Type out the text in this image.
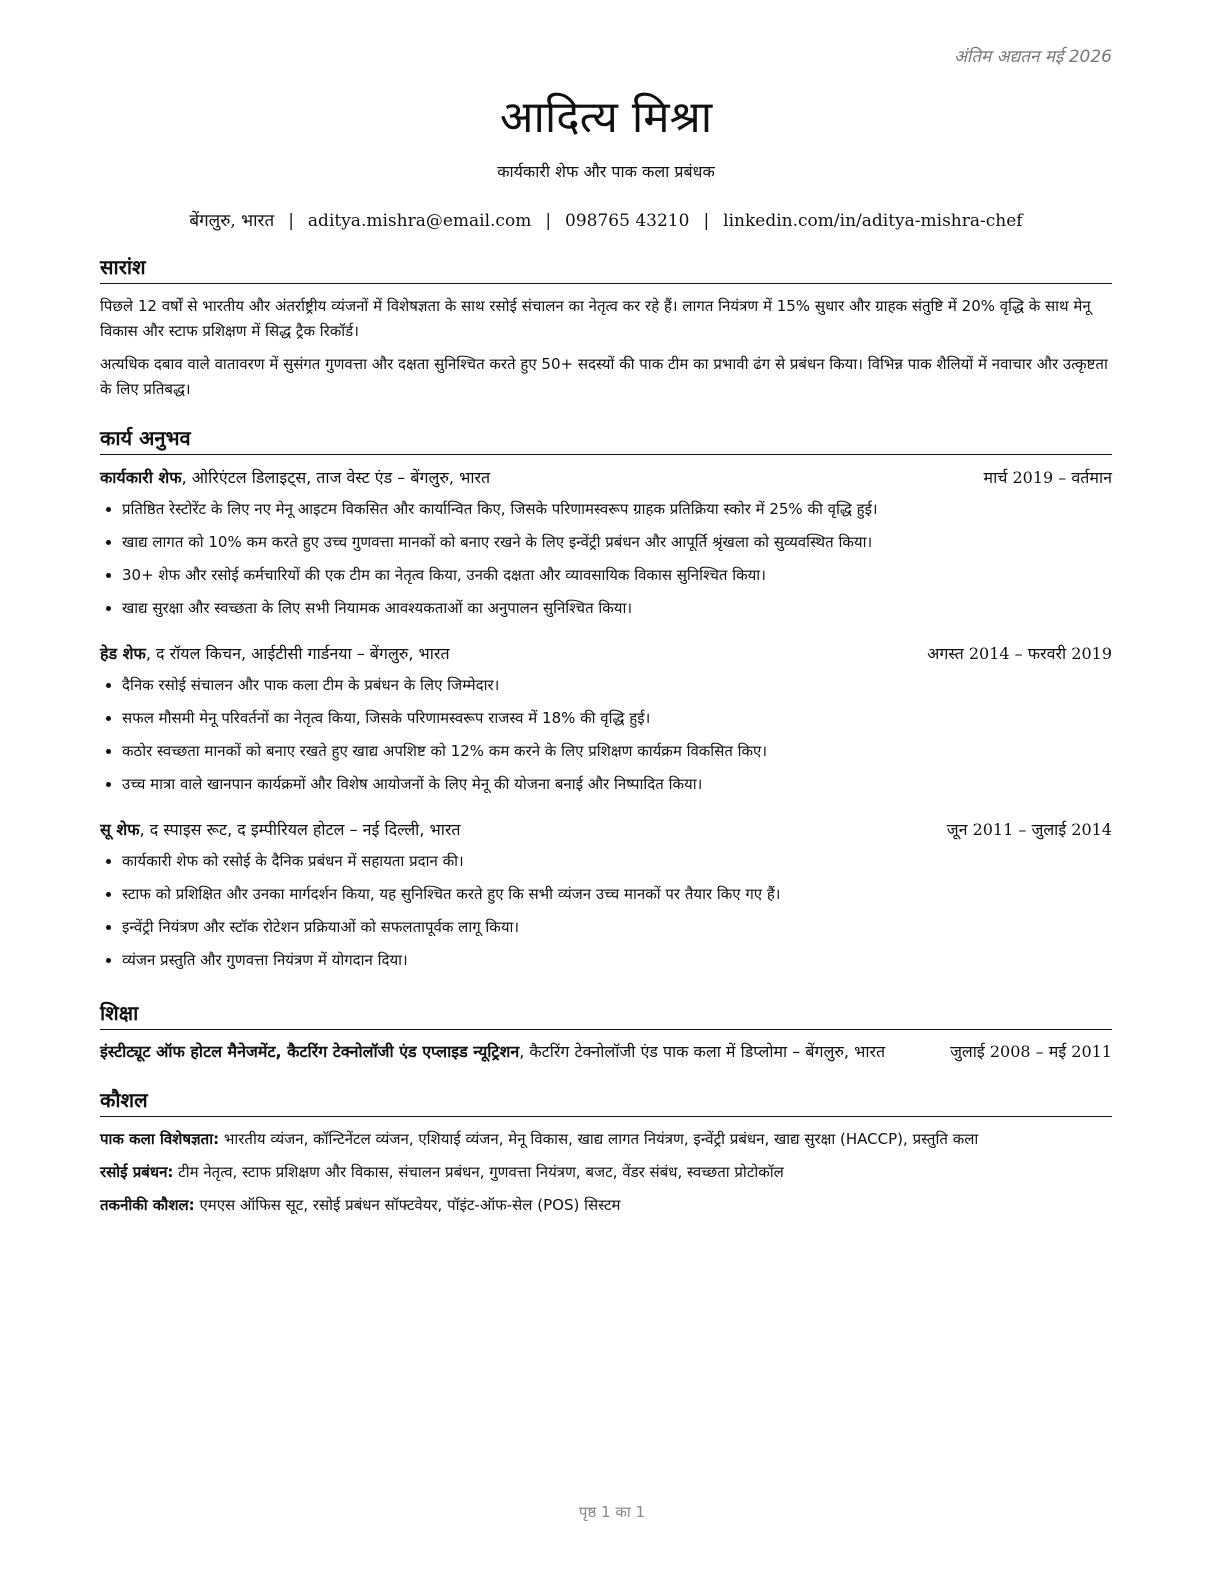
अंतिम अद्यतन मई 2026
आदित्य मिश्रा
कार्यकारी शेफ और पाक कला प्रबंधक
बेंगलुरु, भारत | aditya.mishra@email.com | 098765 43210 | linkedin.com/in/aditya-mishra-chef
सारांश

पिछले 12 वर्षों से भारतीय और अंतर्राष्ट्रीय व्यंजनों में विशेषज्ञता के साथ रसोई संचालन का नेतृत्व कर रहे हैं। लागत नियंत्रण में 15% सुधार और ग्राहक संतुष्टि में 20% वृद्धि के साथ मेनू विकास और स्टाफ प्रशिक्षण में सिद्ध ट्रैक रिकॉर्ड।

अत्यधिक दबाव वाले वातावरण में सुसंगत गुणवत्ता और दक्षता सुनिश्चित करते हुए 50+ सदस्यों की पाक टीम का प्रभावी ढंग से प्रबंधन किया। विभिन्न पाक शैलियों में नवाचार और उत्कृष्टता के लिए प्रतिबद्ध।

कार्य अनुभव
कार्यकारी शेफ, ओरिएंटल डिलाइट्स, ताज वेस्ट एंड – बेंगलुरु, भारत	मार्च 2019 – वर्तमान
• प्रतिष्ठित रेस्टोरेंट के लिए नए मेनू आइटम विकसित और कार्यान्वित किए, जिसके परिणामस्वरूप ग्राहक प्रतिक्रिया स्कोर में 25% की वृद्धि हुई।
• खाद्य लागत को 10% कम करते हुए उच्च गुणवत्ता मानकों को बनाए रखने के लिए इन्वेंट्री प्रबंधन और आपूर्ति श्रृंखला को सुव्यवस्थित किया।
• 30+ शेफ और रसोई कर्मचारियों की एक टीम का नेतृत्व किया, उनकी दक्षता और व्यावसायिक विकास सुनिश्चित किया।
• खाद्य सुरक्षा और स्वच्छता के लिए सभी नियामक आवश्यकताओं का अनुपालन सुनिश्चित किया।
हेड शेफ, द रॉयल किचन, आईटीसी गार्डनया – बेंगलुरु, भारत	अगस्त 2014 – फरवरी 2019
• दैनिक रसोई संचालन और पाक कला टीम के प्रबंधन के लिए जिम्मेदार।
• सफल मौसमी मेनू परिवर्तनों का नेतृत्व किया, जिसके परिणामस्वरूप राजस्व में 18% की वृद्धि हुई।
• कठोर स्वच्छता मानकों को बनाए रखते हुए खाद्य अपशिष्ट को 12% कम करने के लिए प्रशिक्षण कार्यक्रम विकसित किए।
• उच्च मात्रा वाले खानपान कार्यक्रमों और विशेष आयोजनों के लिए मेनू की योजना बनाई और निष्पादित किया।
सू शेफ, द स्पाइस रूट, द इम्पीरियल होटल – नई दिल्ली, भारत	जून 2011 – जुलाई 2014
• कार्यकारी शेफ को रसोई के दैनिक प्रबंधन में सहायता प्रदान की।
• स्टाफ को प्रशिक्षित और उनका मार्गदर्शन किया, यह सुनिश्चित करते हुए कि सभी व्यंजन उच्च मानकों पर तैयार किए गए हैं।
• इन्वेंट्री नियंत्रण और स्टॉक रोटेशन प्रक्रियाओं को सफलतापूर्वक लागू किया।
• व्यंजन प्रस्तुति और गुणवत्ता नियंत्रण में योगदान दिया।
शिक्षा
इंस्टीट्यूट ऑफ होटल मैनेजमेंट, कैटरिंग टेक्नोलॉजी एंड एप्लाइड न्यूट्रिशन, कैटरिंग टेक्नोलॉजी एंड पाक कला में डिप्लोमा – बेंगलुरु, भारत	जुलाई 2008 – मई 2011
कौशल
पाक कला विशेषज्ञता: भारतीय व्यंजन, कॉन्टिनेंटल व्यंजन, एशियाई व्यंजन, मेनू विकास, खाद्य लागत नियंत्रण, इन्वेंट्री प्रबंधन, खाद्य सुरक्षा (HACCP), प्रस्तुति कला
रसोई प्रबंधन: टीम नेतृत्व, स्टाफ प्रशिक्षण और विकास, संचालन प्रबंधन, गुणवत्ता नियंत्रण, बजट, वेंडर संबंध, स्वच्छता प्रोटोकॉल
तकनीकी कौशल: एमएस ऑफिस सूट, रसोई प्रबंधन सॉफ्टवेयर, पॉइंट-ऑफ-सेल (POS) सिस्टम
पृष्ठ 1 का 1
